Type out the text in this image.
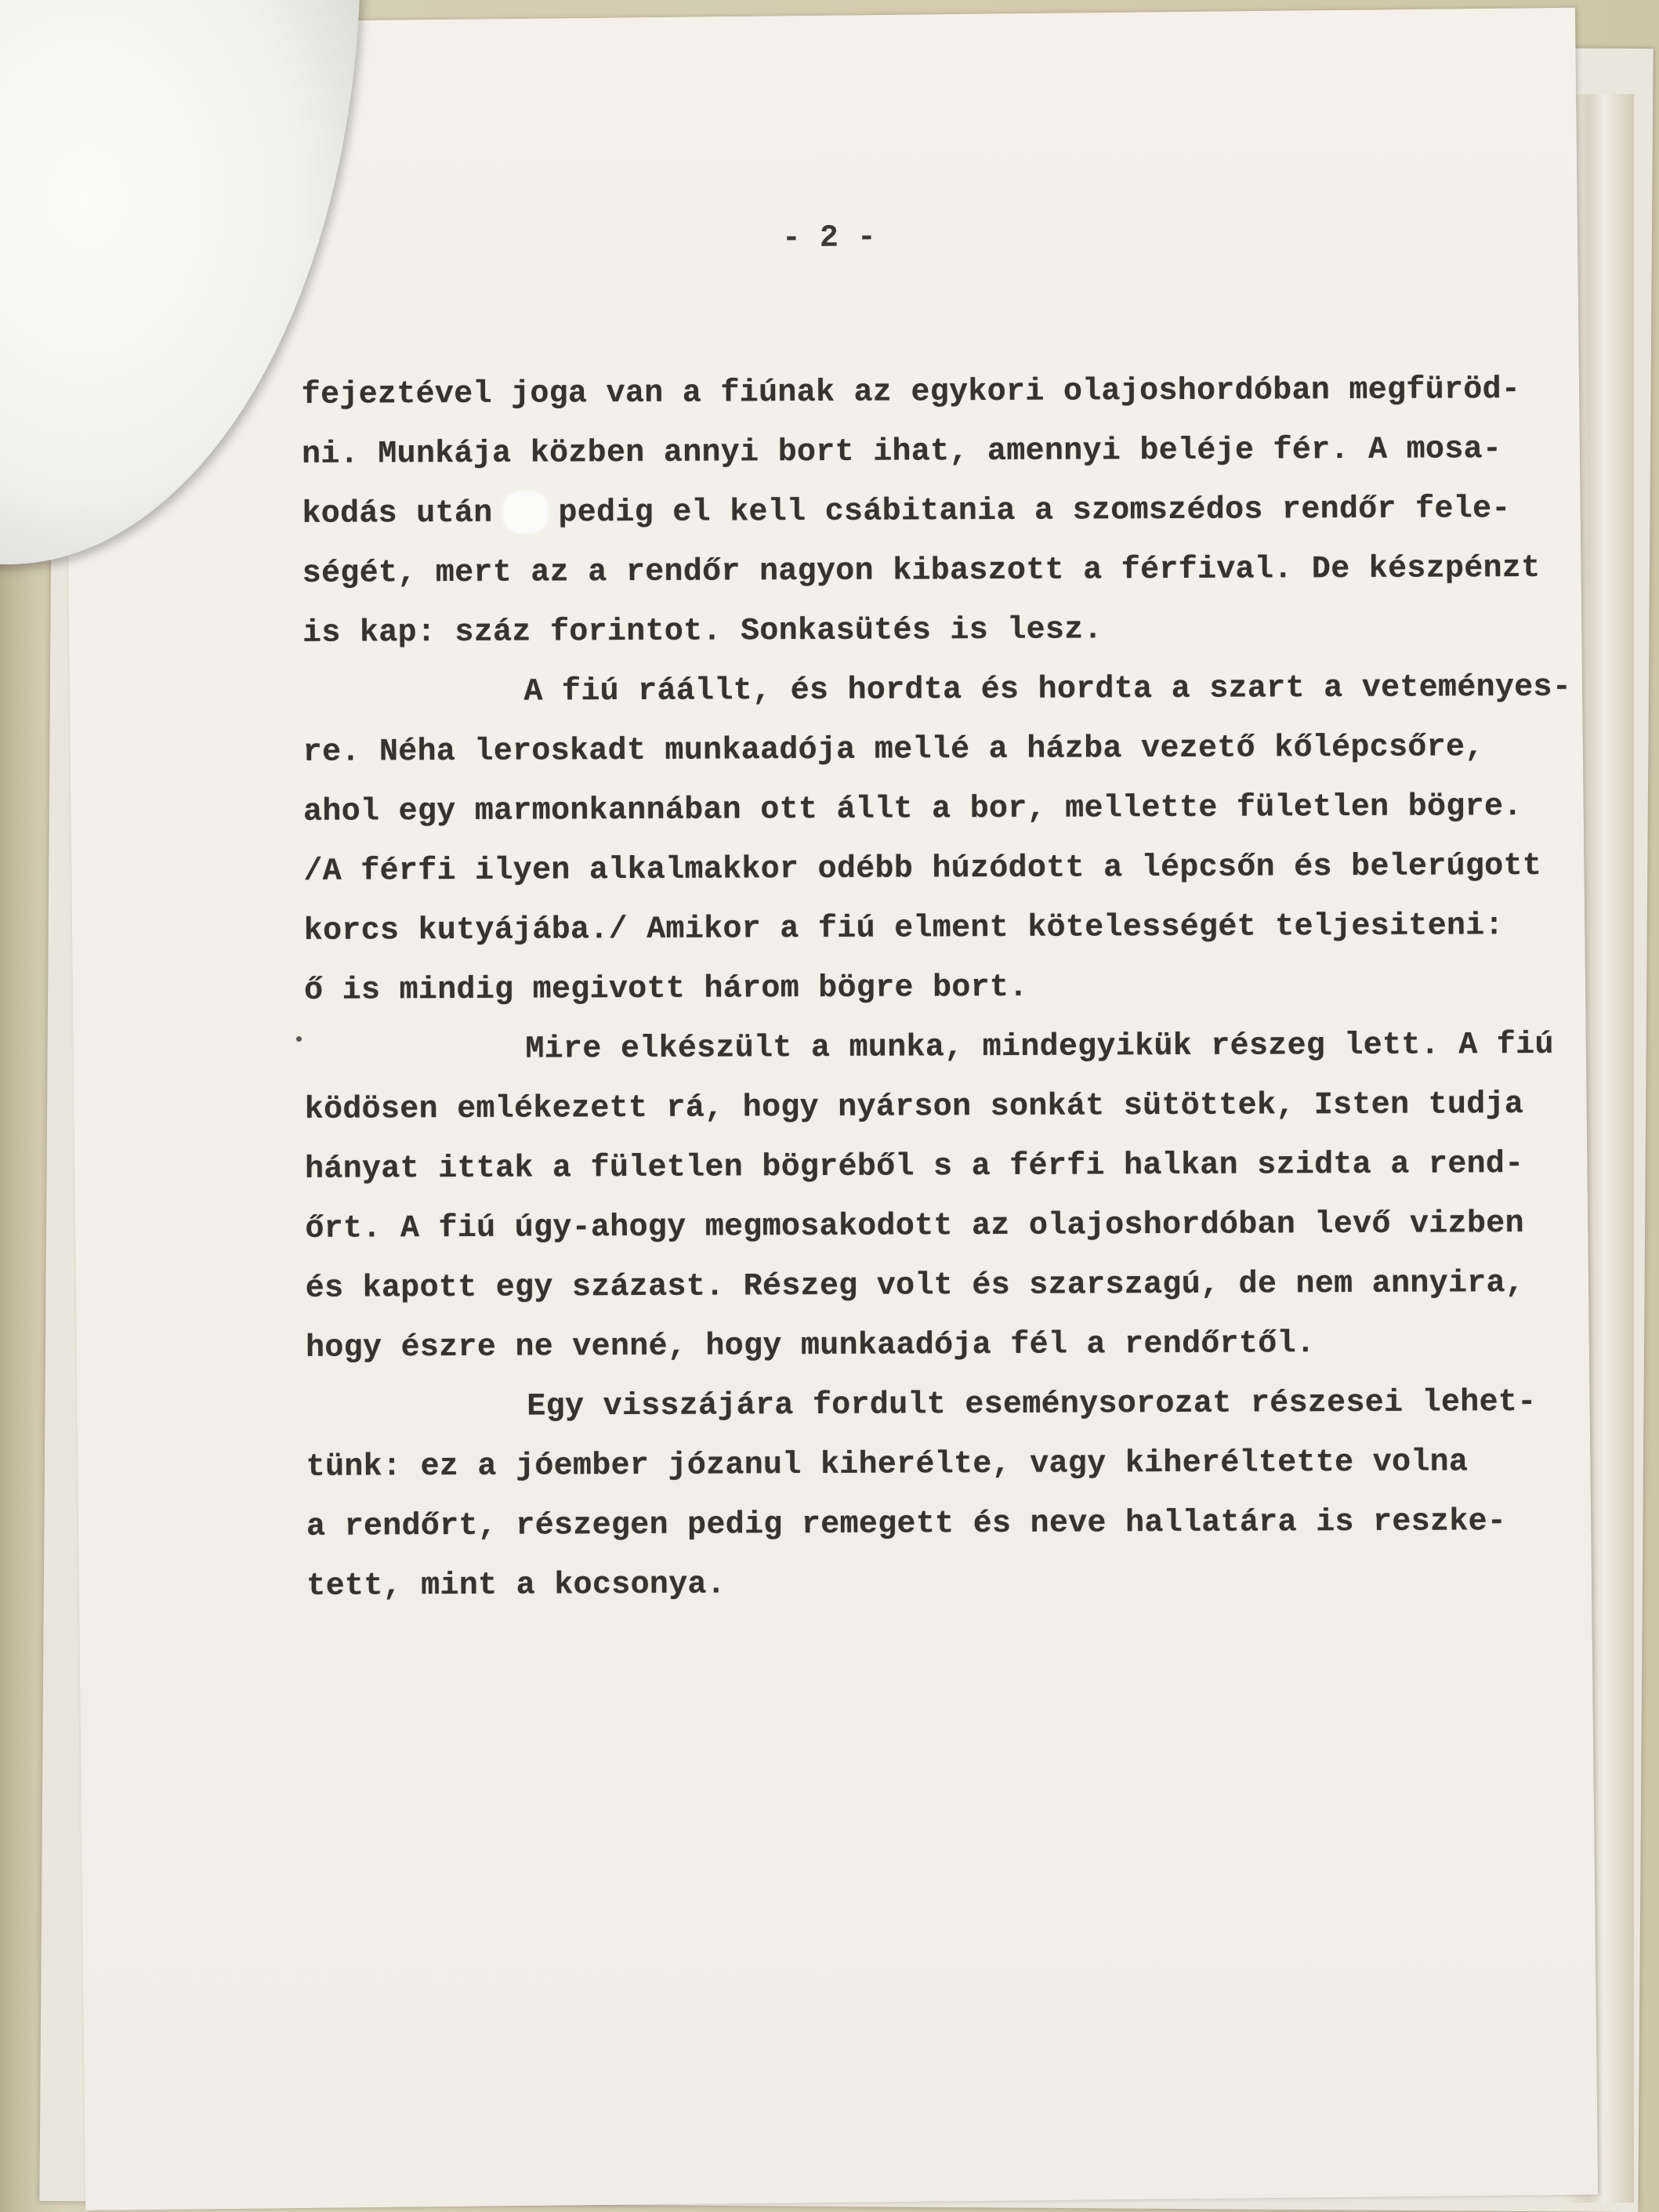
- 2 -
fejeztével joga van a fiúnak az egykori olajoshordóban megfüröd-
ni. Munkája közben annyi bort ihat, amennyi beléje fér. A mosa-
kodás után pedig el kell csábitania a szomszédos rendőr fele-
ségét, mert az a rendőr nagyon kibaszott a férfival. De készpénzt
is kap: száz forintot. Sonkasütés is lesz.
A fiú ráállt, és hordta és hordta a szart a veteményes-
re. Néha leroskadt munkaadója mellé a házba vezető kőlépcsőre,
ahol egy marmonkannában ott állt a bor, mellette fületlen bögre.
/A férfi ilyen alkalmakkor odébb húzódott a lépcsőn és belerúgott
korcs kutyájába./ Amikor a fiú elment kötelességét teljesiteni:
ő is mindig megivott három bögre bort.
Mire elkészült a munka, mindegyikük részeg lett. A fiú
ködösen emlékezett rá, hogy nyárson sonkát sütöttek, Isten tudja
hányat ittak a fületlen bögréből s a férfi halkan szidta a rend-
őrt. A fiú úgy-ahogy megmosakodott az olajoshordóban levő vizben
és kapott egy százast. Részeg volt és szarszagú, de nem annyira,
hogy észre ne venné, hogy munkaadója fél a rendőrtől.
Egy visszájára fordult eseménysorozat részesei lehet-
tünk: ez a jóember józanul kiherélte, vagy kiheréltette volna
a rendőrt, részegen pedig remegett és neve hallatára is reszke-
tett, mint a kocsonya.
